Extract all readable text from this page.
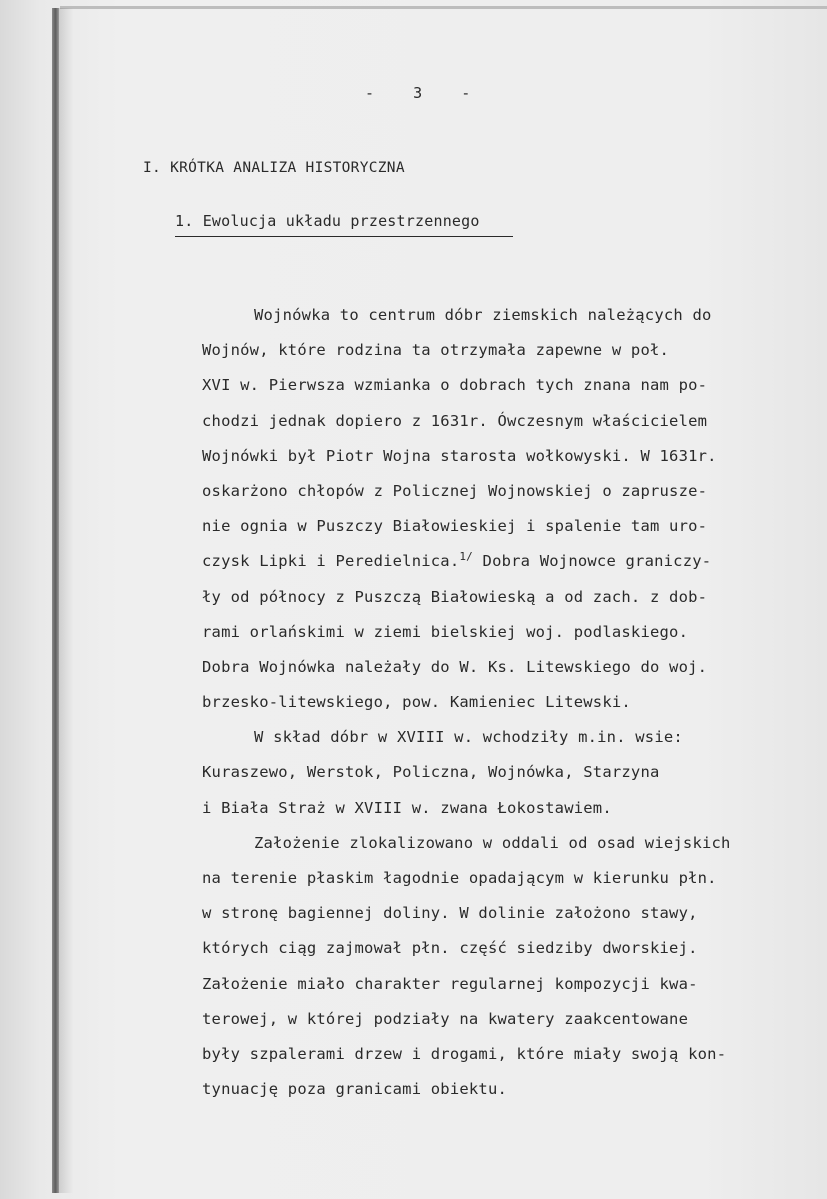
-   3   -
I. KRÓTKA ANALIZA HISTORYCZNA
1. Ewolucja układu przestrzennego
Wojnówka to centrum dóbr ziemskich należących do
Wojnów, które rodzina ta otrzymała zapewne w poł.
XVI w. Pierwsza wzmianka o dobrach tych znana nam po-
chodzi jednak dopiero z 1631r. Ówczesnym właścicielem
Wojnówki był Piotr Wojna starosta wołkowyski. W 1631r.
oskarżono chłopów z Policznej Wojnowskiej o zaprusze-
nie ognia w Puszczy Białowieskiej i spalenie tam uro-
czysk Lipki i Peredielnica.$^{1/}$ Dobra Wojnowce graniczy-
ły od północy z Puszczą Białowieską a od zach. z dob-
rami orlańskimi w ziemi bielskiej woj. podlaskiego.
Dobra Wojnówka należały do W. Ks. Litewskiego do woj.
brzesko-litewskiego, pow. Kamieniec Litewski.
W skład dóbr w XVIII w. wchodziły m.in. wsie:
Kuraszewo, Werstok, Policzna, Wojnówka, Starzyna
i Biała Straż w XVIII w. zwana Łokostawiem.
Założenie zlokalizowano w oddali od osad wiejskich
na terenie płaskim łagodnie opadającym w kierunku płn.
w stronę bagiennej doliny. W dolinie założono stawy,
których ciąg zajmował płn. część siedziby dworskiej.
Założenie miało charakter regularnej kompozycji kwa-
terowej, w której podziały na kwatery zaakcentowane
były szpalerami drzew i drogami, które miały swoją kon-
tynuację poza granicami obiektu.
